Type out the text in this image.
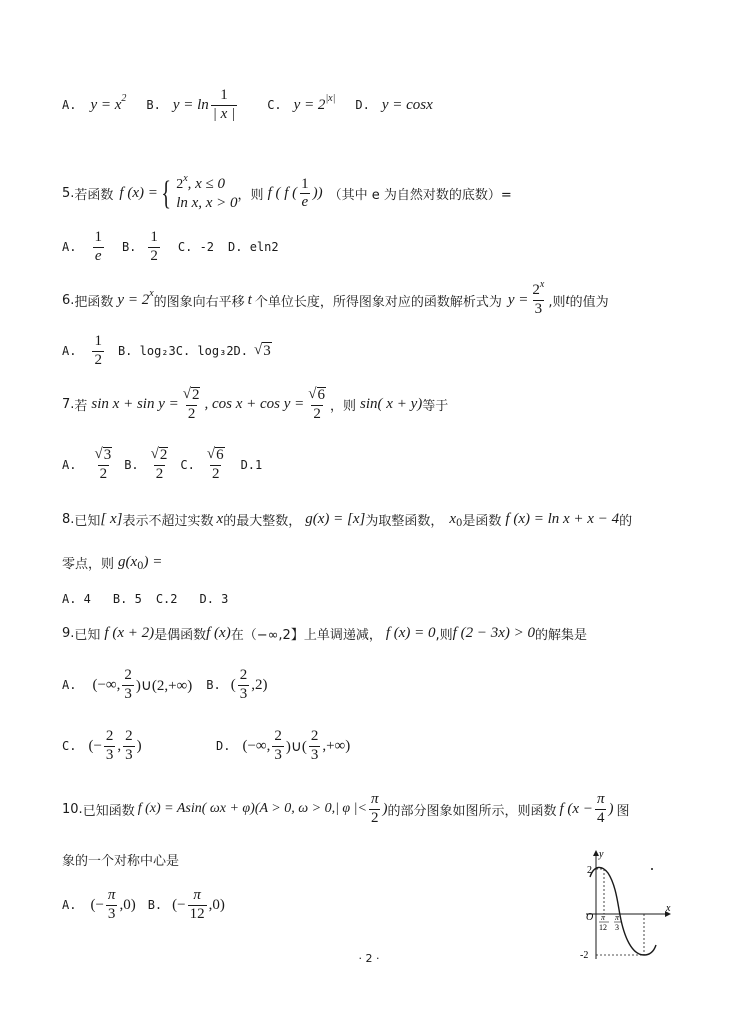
A. y = x 2 B. $y = \ln \frac{1}{| x |}$	C. y = 2 |x| D. y = cosx
5. 若函数 f (x) = { 2$^x$, x ≤ 0
ln x, x > 0 ，则 f ( f ( $\frac{1}{e}$ )) （其中 e 为自然对数的底数）=
A. $\frac{1}{e} B$. $\frac{1}{2} C$. -2 D. eln2
6. 把函数 y = 2 x
的图象向右平移 t 个单位长度，所得图象对应的函数解析式为 $y = \frac{2^x}{3}$ ,则 t 的值为
A. $\frac{1}{2} B$. log₂3C. log₃2D. √ 3
7. 若 $\sin x + \sin y = \frac{√ 2}{2}$ , $\cos x + \cos y = \frac{√ 6}{2}$ ，则 sin( x + y) 等于
A. $\frac{√ 3}{2} B$. $\frac{√ 2}{2} C$. $\frac{√ 6}{2} D.1$
8. 已知 [ x] 表示不超过实数 x 的最大整数， g(x) = [x] 为取整函数， x 0 是函数 f (x) = ln x + x − 4 的
零点，则 g(x 0 ) =
A. 4 B. 5 C.2 D. 3
9. 已知 f (x + 2) 是偶函数 f (x) 在（−∞,2】上单调递减， f (x) = 0 ,则 f (2 − 3x) > 0 的解集是
A. (−∞, $\frac{2}{3}$ )∪(2,+∞) B. ( $\frac{2}{3} ,2$)
C. (− $\frac{2}{3}$ , $\frac{2}{3}$ )	D. (−∞, $\frac{2}{3}$ )∪( $\frac{2}{3}$ ,+∞)
10. 已知函数 f (x) = Asin( ωx + φ)(A > 0, ω > 0,| φ |< $\frac{\pi}{2}$ ) 的部分图象如图所示，则函数 f ($x - \frac{\pi}{4}$ ) 图
象的一个对称中心是
A. (− $\frac{\pi}{3} ,0$) B. (− $\frac{\pi}{12} ,0$)
y
x
O
2
-2
π
12
π
3
· 2 ·
